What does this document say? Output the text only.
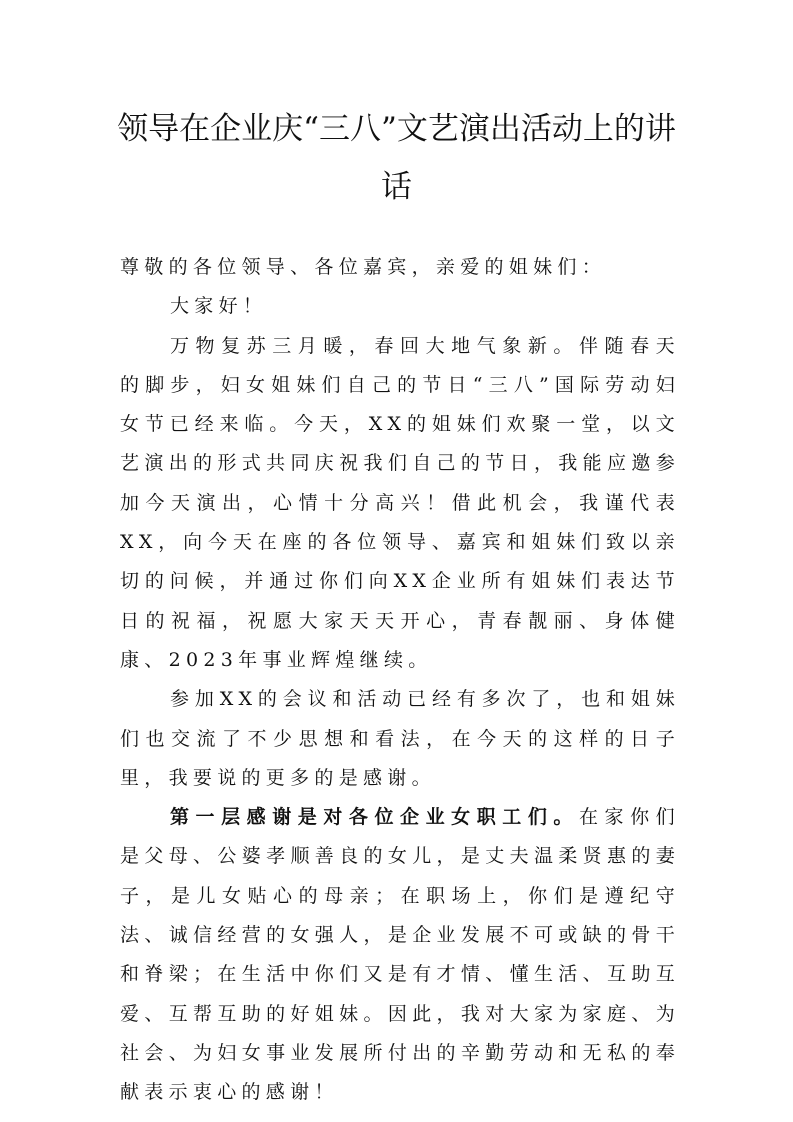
领导在企业庆“三八”文艺演出活动上的讲话

尊敬的各位领导、各位嘉宾，亲爱的姐妹们：

大家好！

万物复苏三月暖，春回大地气象新。伴随春天的脚步，妇女姐妹们自己的节日“三八”国际劳动妇女节已经来临。今天，XX的姐妹们欢聚一堂，以文艺演出的形式共同庆祝我们自己的节日，我能应邀参加今天演出，心情十分高兴！借此机会，我谨代表XX，向今天在座的各位领导、嘉宾和姐妹们致以亲切的问候，并通过你们向XX企业所有姐妹们表达节日的祝福，祝愿大家天天开心，青春靓丽、身体健康、2023年事业辉煌继续。

参加XX的会议和活动已经有多次了，也和姐妹们也交流了不少思想和看法，在今天的这样的日子里，我要说的更多的是感谢。

第一层感谢是对各位企业女职工们。在家你们是父母、公婆孝顺善良的女儿，是丈夫温柔贤惠的妻子，是儿女贴心的母亲；在职场上，你们是遵纪守法、诚信经营的女强人，是企业发展不可或缺的骨干和脊梁；在生活中你们又是有才情、懂生活、互助互爱、互帮互助的好姐妹。因此，我对大家为家庭、为社会、为妇女事业发展所付出的辛勤劳动和无私的奉献表示衷心的感谢！
